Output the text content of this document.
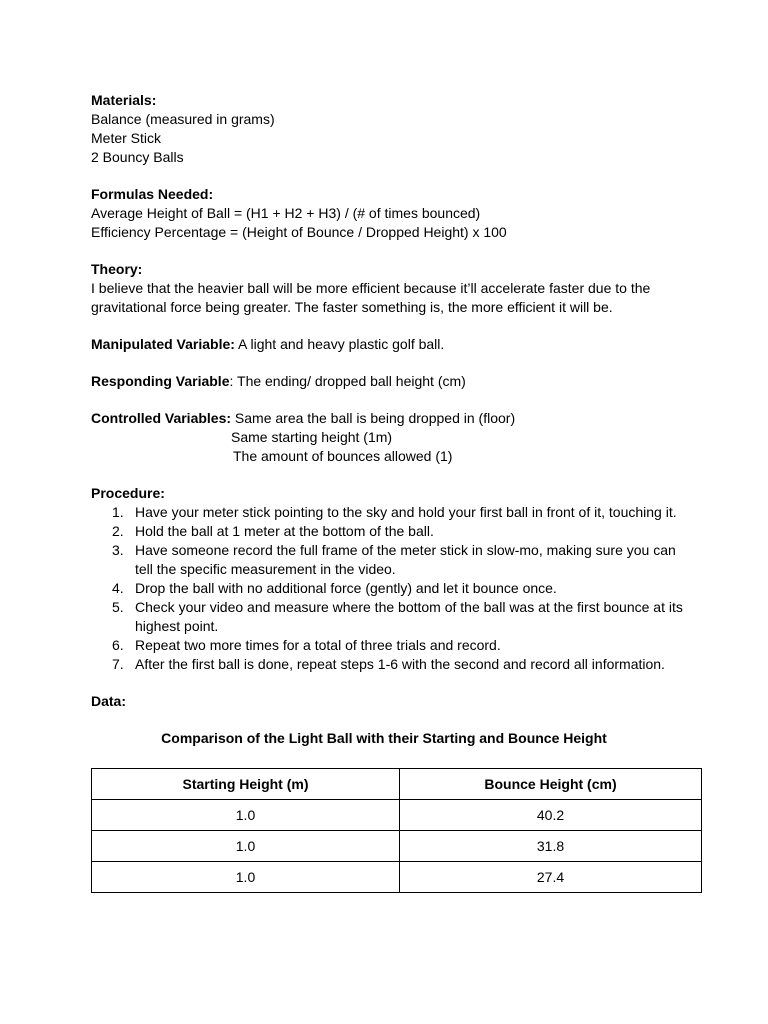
Materials:
Balance (measured in grams)
Meter Stick
2 Bouncy Balls
Formulas Needed:
Average Height of Ball = (H1 + H2 + H3) / (# of times bounced)
Efficiency Percentage = (Height of Bounce / Dropped Height) x 100
Theory:
I believe that the heavier ball will be more efficient because it’ll accelerate faster due to the
gravitational force being greater. The faster something is, the more efficient it will be.
Manipulated Variable: A light and heavy plastic golf ball.
Responding Variable: The ending/ dropped ball height (cm)
Controlled Variables: Same area the ball is being dropped in (floor)
Same starting height (1m)
The amount of bounces allowed (1)
Procedure:
1. Have your meter stick pointing to the sky and hold your first ball in front of it, touching it.
2. Hold the ball at 1 meter at the bottom of the ball.
3. Have someone record the full frame of the meter stick in slow-mo, making sure you can
tell the specific measurement in the video.
4. Drop the ball with no additional force (gently) and let it bounce once.
5. Check your video and measure where the bottom of the ball was at the first bounce at its
highest point.
6. Repeat two more times for a total of three trials and record.
7. After the first ball is done, repeat steps 1-6 with the second and record all information.
Data:
Comparison of the Light Ball with their Starting and Bounce Height
Starting Height (m)	Bounce Height (cm)
1.0	40.2
1.0	31.8
1.0	27.4
